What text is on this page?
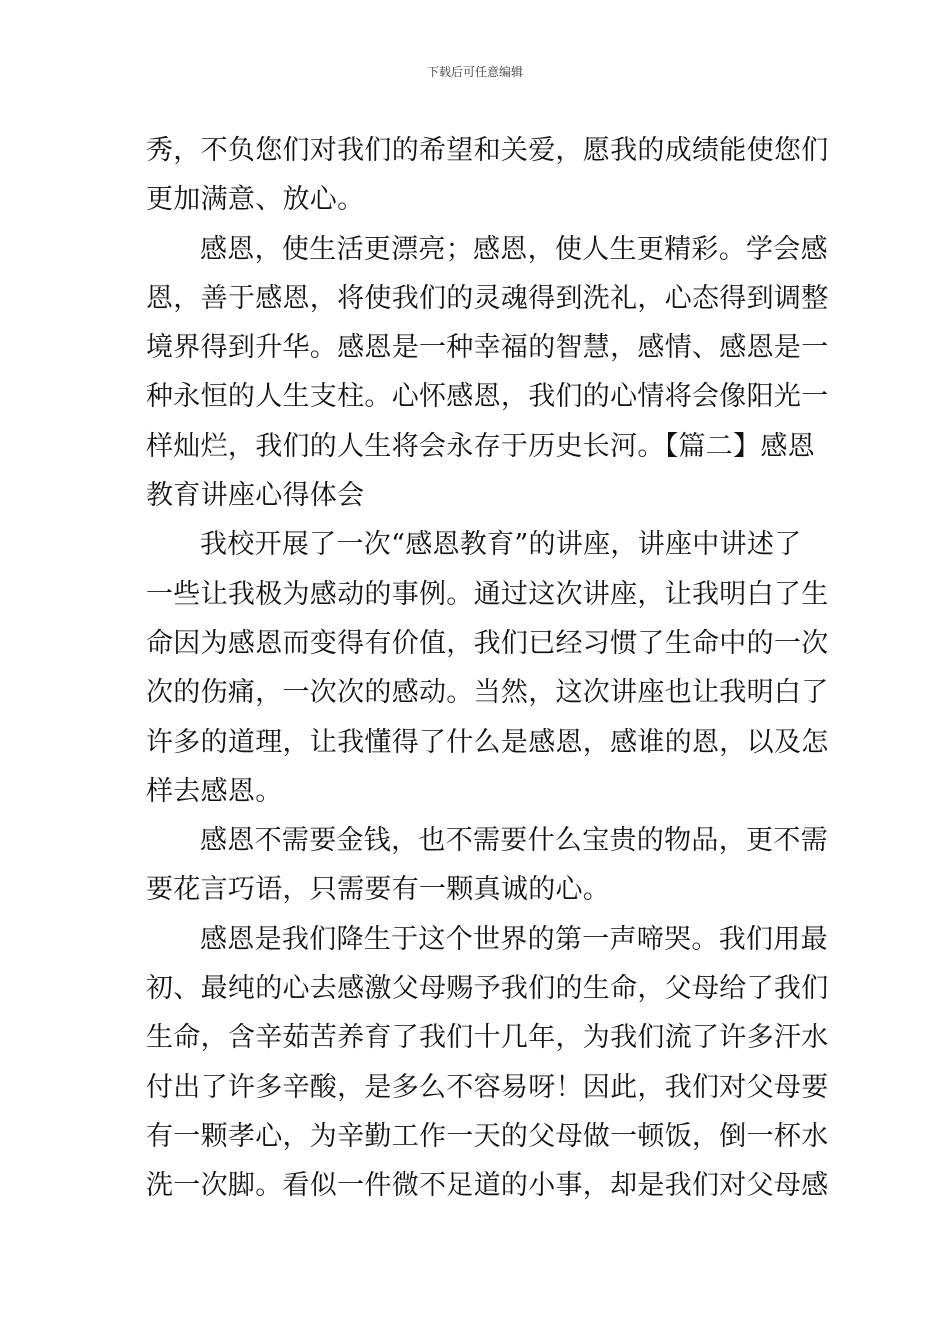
下载后可任意编辑
秀，不负您们对我们的希望和关爱，愿我的成绩能使您们
更加满意、放心。
感恩，使生活更漂亮；感恩，使人生更精彩。学会感
恩，善于感恩，将使我们的灵魂得到洗礼，心态得到调整
境界得到升华。感恩是一种幸福的智慧，感情、感恩是一
种永恒的人生支柱。心怀感恩，我们的心情将会像阳光一
样灿烂，我们的人生将会永存于历史长河。【篇二】感恩
教育讲座心得体会
我校开展了一次“感恩教育”的讲座，讲座中讲述了
一些让我极为感动的事例。通过这次讲座，让我明白了生
命因为感恩而变得有价值，我们已经习惯了生命中的一次
次的伤痛，一次次的感动。当然，这次讲座也让我明白了
许多的道理，让我懂得了什么是感恩，感谁的恩，以及怎
样去感恩。
感恩不需要金钱，也不需要什么宝贵的物品，更不需
要花言巧语，只需要有一颗真诚的心。
感恩是我们降生于这个世界的第一声啼哭。我们用最
初、最纯的心去感激父母赐予我们的生命，父母给了我们
生命，含辛茹苦养育了我们十几年，为我们流了许多汗水
付出了许多辛酸，是多么不容易呀！因此，我们对父母要
有一颗孝心，为辛勤工作一天的父母做一顿饭，倒一杯水
洗一次脚。看似一件微不足道的小事，却是我们对父母感
